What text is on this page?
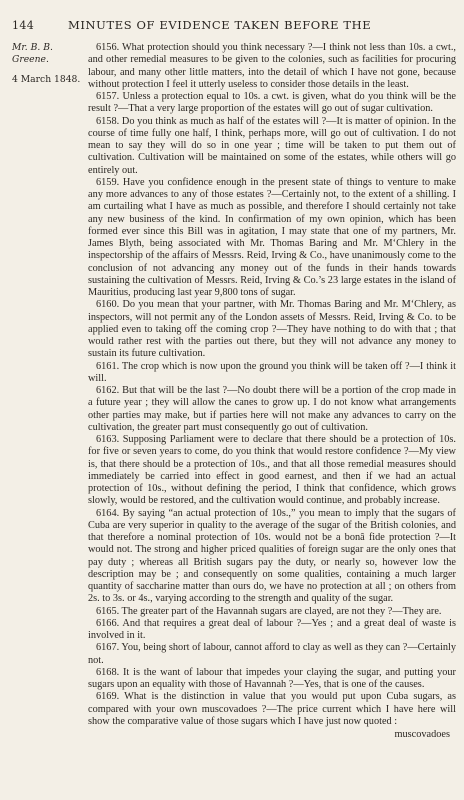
144	MINUTES OF EVIDENCE TAKEN BEFORE THE
Mr. B. B. Greene.
4 March 1848.

6156. What protection should you think necessary ?—I think not less than 10s. a cwt., and other remedial measures to be given to the colonies, such as facilities for procuring labour, and many other little matters, into the detail of which I have not gone, because without protection I feel it utterly useless to consider those details in the least.

6157. Unless a protection equal to 10s. a cwt. is given, what do you think will be the result ?—That a very large proportion of the estates will go out of sugar cultivation.

6158. Do you think as much as half of the estates will ?—It is matter of opinion. In the course of time fully one half, I think, perhaps more, will go out of cultivation. I do not mean to say they will do so in one year ; time will be taken to put them out of cultivation. Cultivation will be maintained on some of the estates, while others will go entirely out.

6159. Have you confidence enough in the present state of things to venture to make any more advances to any of those estates ?—Certainly not, to the extent of a shilling. I am curtailing what I have as much as possible, and therefore I should certainly not take any new business of the kind. In confirmation of my own opinion, which has been formed ever since this Bill was in agitation, I may state that one of my partners, Mr. James Blyth, being associated with Mr. Thomas Baring and Mr. M‘Chlery in the inspectorship of the affairs of Messrs. Reid, Irving & Co., have unanimously come to the conclusion of not advancing any money out of the funds in their hands towards sustaining the cultivation of Messrs. Reid, Irving & Co.’s 23 large estates in the island of Mauritius, producing last year 9,800 tons of sugar.

6160. Do you mean that your partner, with Mr. Thomas Baring and Mr. M‘Chlery, as inspectors, will not permit any of the London assets of Messrs. Reid, Irving & Co. to be applied even to taking off the coming crop ?—They have nothing to do with that ; that would rather rest with the parties out there, but they will not advance any money to sustain its future cultivation.

6161. The crop which is now upon the ground you think will be taken off ?—I think it will.

6162. But that will be the last ?—No doubt there will be a portion of the crop made in a future year ; they will allow the canes to grow up. I do not know what arrangements other parties may make, but if parties here will not make any advances to carry on the cultivation, the greater part must consequently go out of cultivation.

6163. Supposing Parliament were to declare that there should be a protection of 10s. for five or seven years to come, do you think that would restore confidence ?—My view is, that there should be a protection of 10s., and that all those remedial measures should immediately be carried into effect in good earnest, and then if we had an actual protection of 10s., without defining the period, I think that confidence, which grows slowly, would be restored, and the cultivation would continue, and probably increase.

6164. By saying “an actual protection of 10s.,” you mean to imply that the sugars of Cuba are very superior in quality to the average of the sugar of the British colonies, and that therefore a nominal protection of 10s. would not be a bonâ fide protection ?—It would not. The strong and higher priced qualities of foreign sugar are the only ones that pay duty ; whereas all British sugars pay the duty, or nearly so, however low the description may be ; and consequently on some qualities, containing a much larger quantity of saccharine matter than ours do, we have no protection at all ; on others from 2s. to 3s. or 4s., varying according to the strength and quality of the sugar.

6165. The greater part of the Havannah sugars are clayed, are not they ?—They are.

6166. And that requires a great deal of labour ?—Yes ; and a great deal of waste is involved in it.

6167. You, being short of labour, cannot afford to clay as well as they can ?—Certainly not.

6168. It is the want of labour that impedes your claying the sugar, and putting your sugars upon an equality with those of Havannah ?—Yes, that is one of the causes.

6169. What is the distinction in value that you would put upon Cuba sugars, as compared with your own muscovadoes ?—The price current which I have here will show the comparative value of those sugars which I have just now quoted :

muscovadoes
